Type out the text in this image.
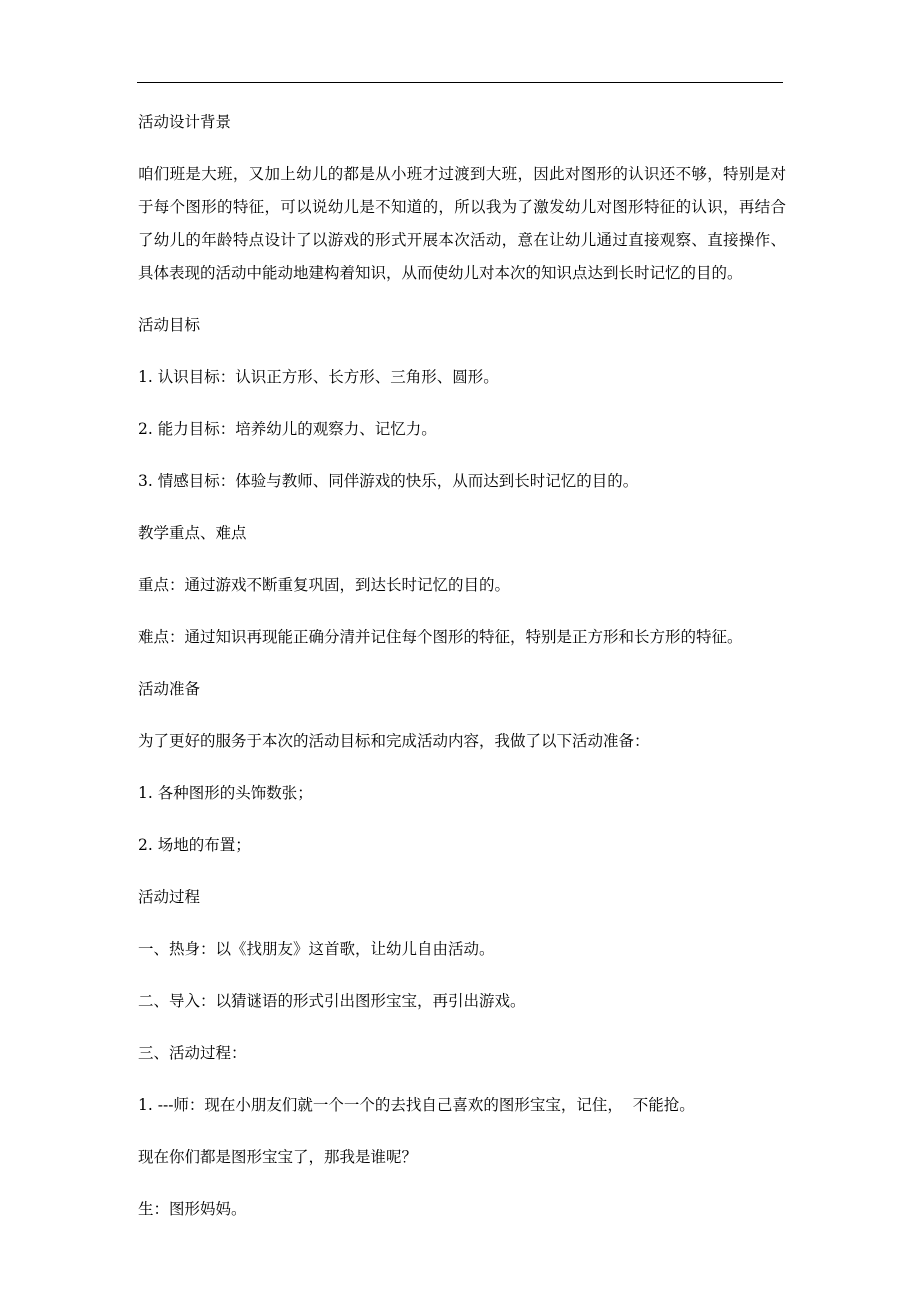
活动设计背景

咱们班是大班，又加上幼儿的都是从小班才过渡到大班，因此对图形的认识还不够，特别是对于每个图形的特征，可以说幼儿是不知道的，所以我为了激发幼儿对图形特征的认识，再结合了幼儿的年龄特点设计了以游戏的形式开展本次活动，意在让幼儿通过直接观察、直接操作、具体表现的活动中能动地建构着知识，从而使幼儿对本次的知识点达到长时记忆的目的。

活动目标

1. 认识目标：认识正方形、长方形、三角形、圆形。

2. 能力目标：培养幼儿的观察力、记忆力。

3. 情感目标：体验与教师、同伴游戏的快乐，从而达到长时记忆的目的。

教学重点、难点

重点：通过游戏不断重复巩固，到达长时记忆的目的。

难点：通过知识再现能正确分清并记住每个图形的特征，特别是正方形和长方形的特征。

活动准备

为了更好的服务于本次的活动目标和完成活动内容，我做了以下活动准备：

1. 各种图形的头饰数张；

2. 场地的布置；

活动过程

一、热身：以《找朋友》这首歌，让幼儿自由活动。

二、导入：以猜谜语的形式引出图形宝宝，再引出游戏。

三、活动过程：

1. ---师：现在小朋友们就一个一个的去找自己喜欢的图形宝宝，记住，  不能抢。

现在你们都是图形宝宝了，那我是谁呢？

生：图形妈妈。
